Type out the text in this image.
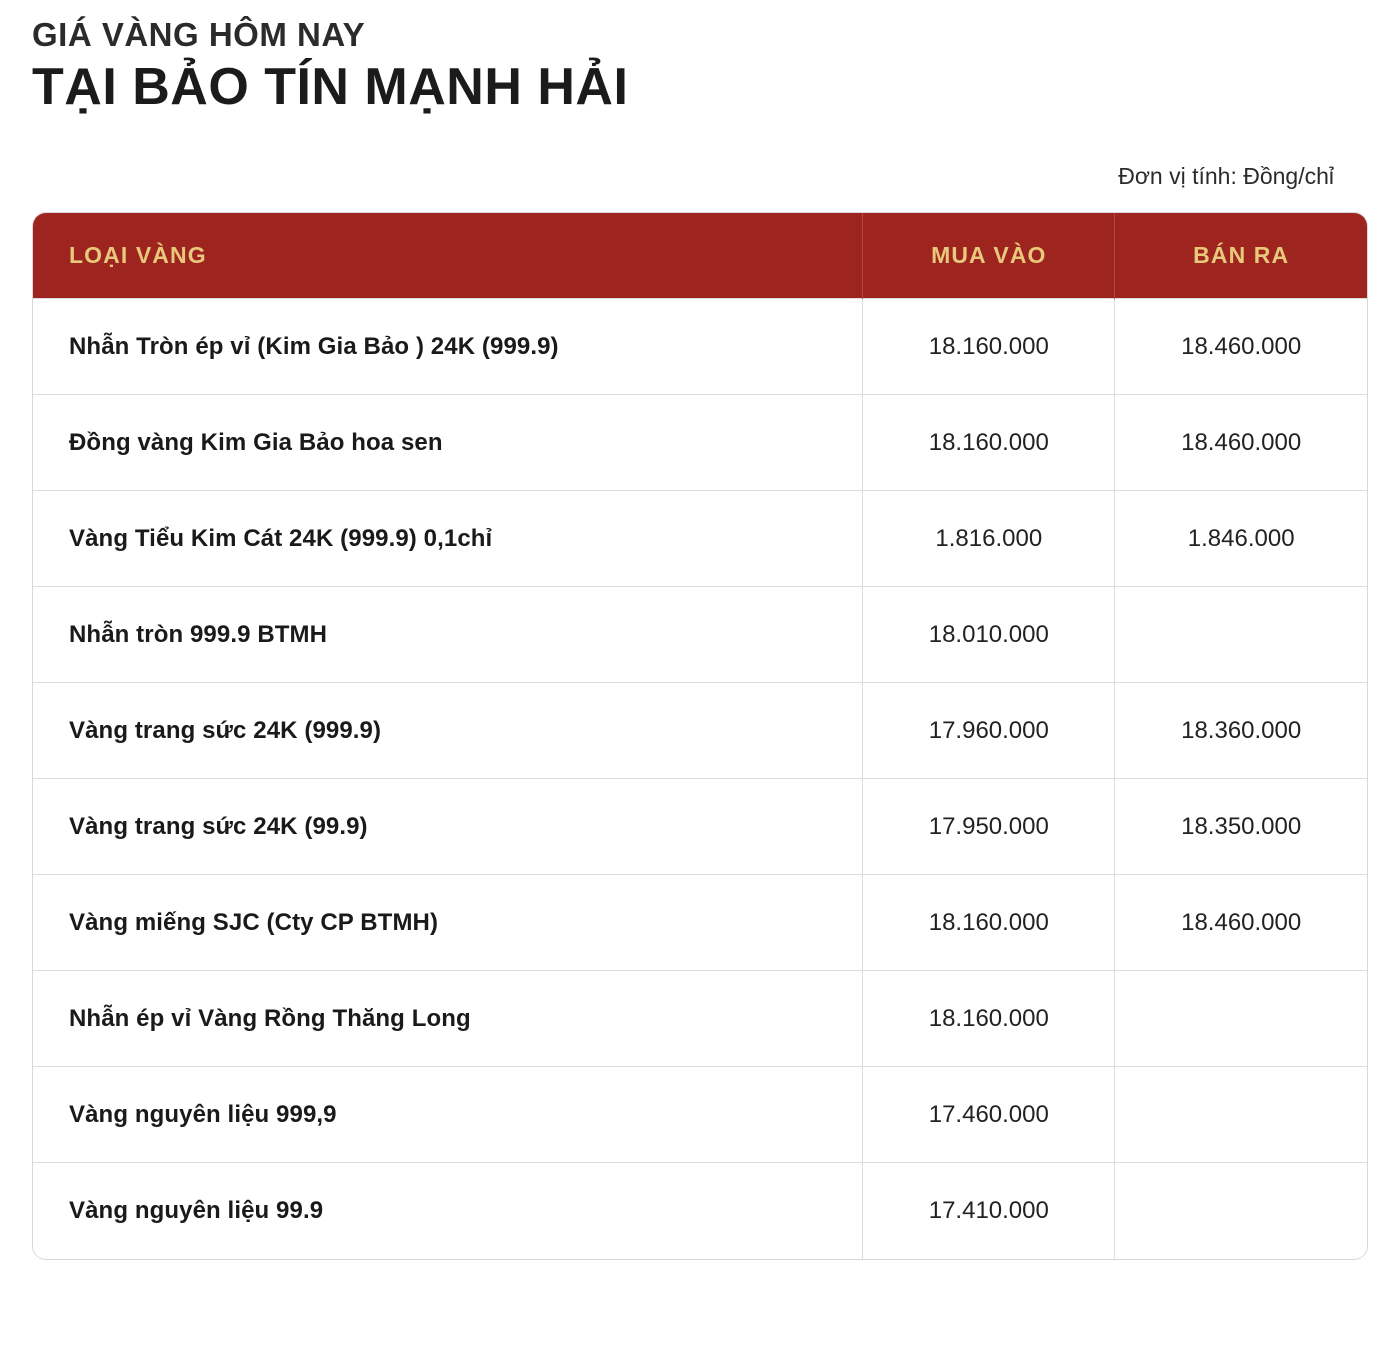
GIÁ VÀNG HÔM NAY
TẠI BẢO TÍN MẠNH HẢI
Đơn vị tính: Đồng/chỉ
LOẠI VÀNG	MUA VÀO	BÁN RA
Nhẫn Tròn ép vỉ (Kim Gia Bảo ) 24K (999.9)	18.160.000	18.460.000
Đồng vàng Kim Gia Bảo hoa sen	18.160.000	18.460.000
Vàng Tiểu Kim Cát 24K (999.9) 0,1chỉ	1.816.000	1.846.000
Nhẫn tròn 999.9 BTMH	18.010.000	
Vàng trang sức 24K (999.9)	17.960.000	18.360.000
Vàng trang sức 24K (99.9)	17.950.000	18.350.000
Vàng miếng SJC (Cty CP BTMH)	18.160.000	18.460.000
Nhẫn ép vỉ Vàng Rồng Thăng Long	18.160.000	
Vàng nguyên liệu 999,9	17.460.000	
Vàng nguyên liệu 99.9	17.410.000	
